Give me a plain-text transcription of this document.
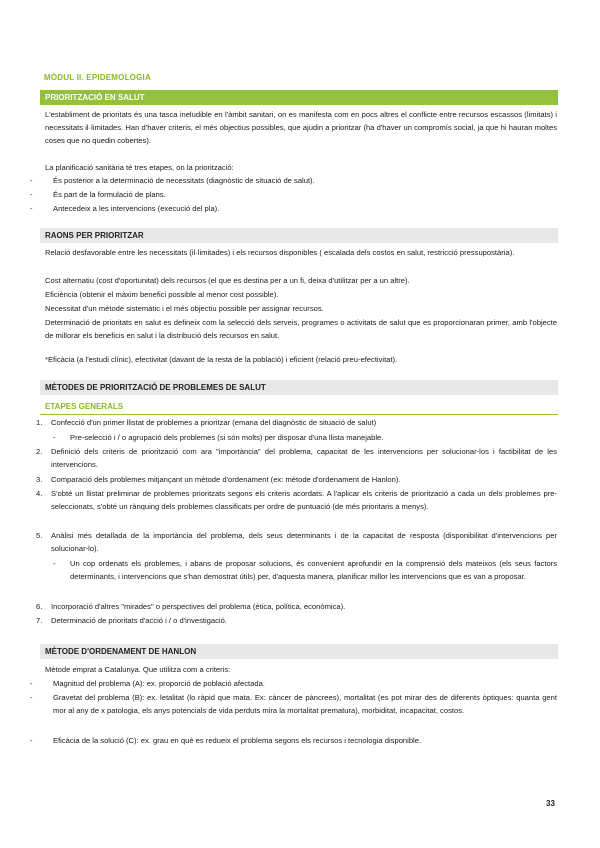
MÒDUL II. EPIDEMOLOGIA
PRIORITZACIÓ EN SALUT
L'establiment de prioritats és una tasca ineludible en l'àmbit sanitari, on es manifesta com en pocs altres el conflicte entre recursos escassos (limitats) i necessitats il·limitades. Han d'haver criteris, el més objectius possibles, que ajudin a prioritzar (ha d'haver un compromís social, ja que hi hauran moltes coses que no quedin cobertes).
La planificació sanitària té tres etapes, on la priorització:
-	És posterior a la determinació de necessitats (diagnòstic de situació de salut).
-	És part de la formulació de plans.
-	Antecedeix a les intervencions (execució del pla).
RAONS PER PRIORITZAR
Relació desfavorable entre les necessitats (il·limitades) i els recursos disponibles ( escalada dels costos en salut, restricció pressupostària).
Cost alternatiu (cost d'oportunitat) dels recursos (el que es destina per a un fi, deixa d'utilitzar per a un altre).
Eficiència (obtenir el màxim benefici possible al menor cost possible).
Necessitat d'un mètode sistemàtic i el més objectiu possible per assignar recursos.
Determinació de prioritats en salut es defineix com la selecció dels serveis, programes o activitats de salut que es proporcionaran primer, amb l'objecte de millorar els beneficis en salut i la distribució dels recursos en salut.
*Eficàcia (a l'estudi clínic), efectivitat (davant de la resta de la població) i eficient (relació preu-efectivitat).
MÈTODES DE PRIORITZACIÓ DE PROBLEMES DE SALUT
ETAPES GENERALS
1. Confecció d'un primer llistat de problemes a prioritzar (emana del diagnòstic de situació de salut)
- Pre-selecció i / o agrupació dels problemes (si són molts) per disposar d'una llista manejable.
2. Definició dels criteris de priorització com ara "importància" del problema, capacitat de les intervencions per solucionar-los i factibilitat de les intervencions.
3. Comparació dels problemes mitjançant un mètode d'ordenament (ex: mètode d'ordenament de Hanlon).
4. S'obté un llistat preliminar de problemes prioritzats segons els criteris acordats. A l'aplicar els criteris de priorització a cada un dels problemes pre-seleccionats, s'obté un rànquing dels problemes classificats per ordre de puntuació (de més prioritaris a menys).
5. Anàlisi més detallada de la importància del problema, dels seus determinants i de la capacitat de resposta (disponibilitat d'intervencions per solucionar-lo).
- Un cop ordenats els problemes, i abans de proposar solucions, és convenient aprofundir en la comprensió dels mateixos (els seus factors determinants, i intervencions que s'han demostrat útils) per, d'aquesta manera, planificar millor les intervencions que es van a proposar.
6. Incorporació d'altres "mirades" o perspectives del problema (ètica, política, econòmica).
7. Determinació de prioritats d'acció i / o d'investigació.
MÈTODE D'ORDENAMENT DE HANLON
Mètode emprat a Catalunya. Que utilitza com a criteris:
-	Magnitud del problema (A): ex. proporció de població afectada.
-	Gravetat del problema (B): ex. letalitat (lo ràpid que mata. Ex: càncer de pàncrees), mortalitat (es pot mirar des de diferents òptiques: quanta gent mor al any de x patologia, els anys potencials de vida perduts mira la mortalitat prematura), morbiditat, incapacitat, costos.
-	Eficàcia de la solució (C): ex. grau en què es redueix el problema segons els recursos i tecnologia disponible.
33
